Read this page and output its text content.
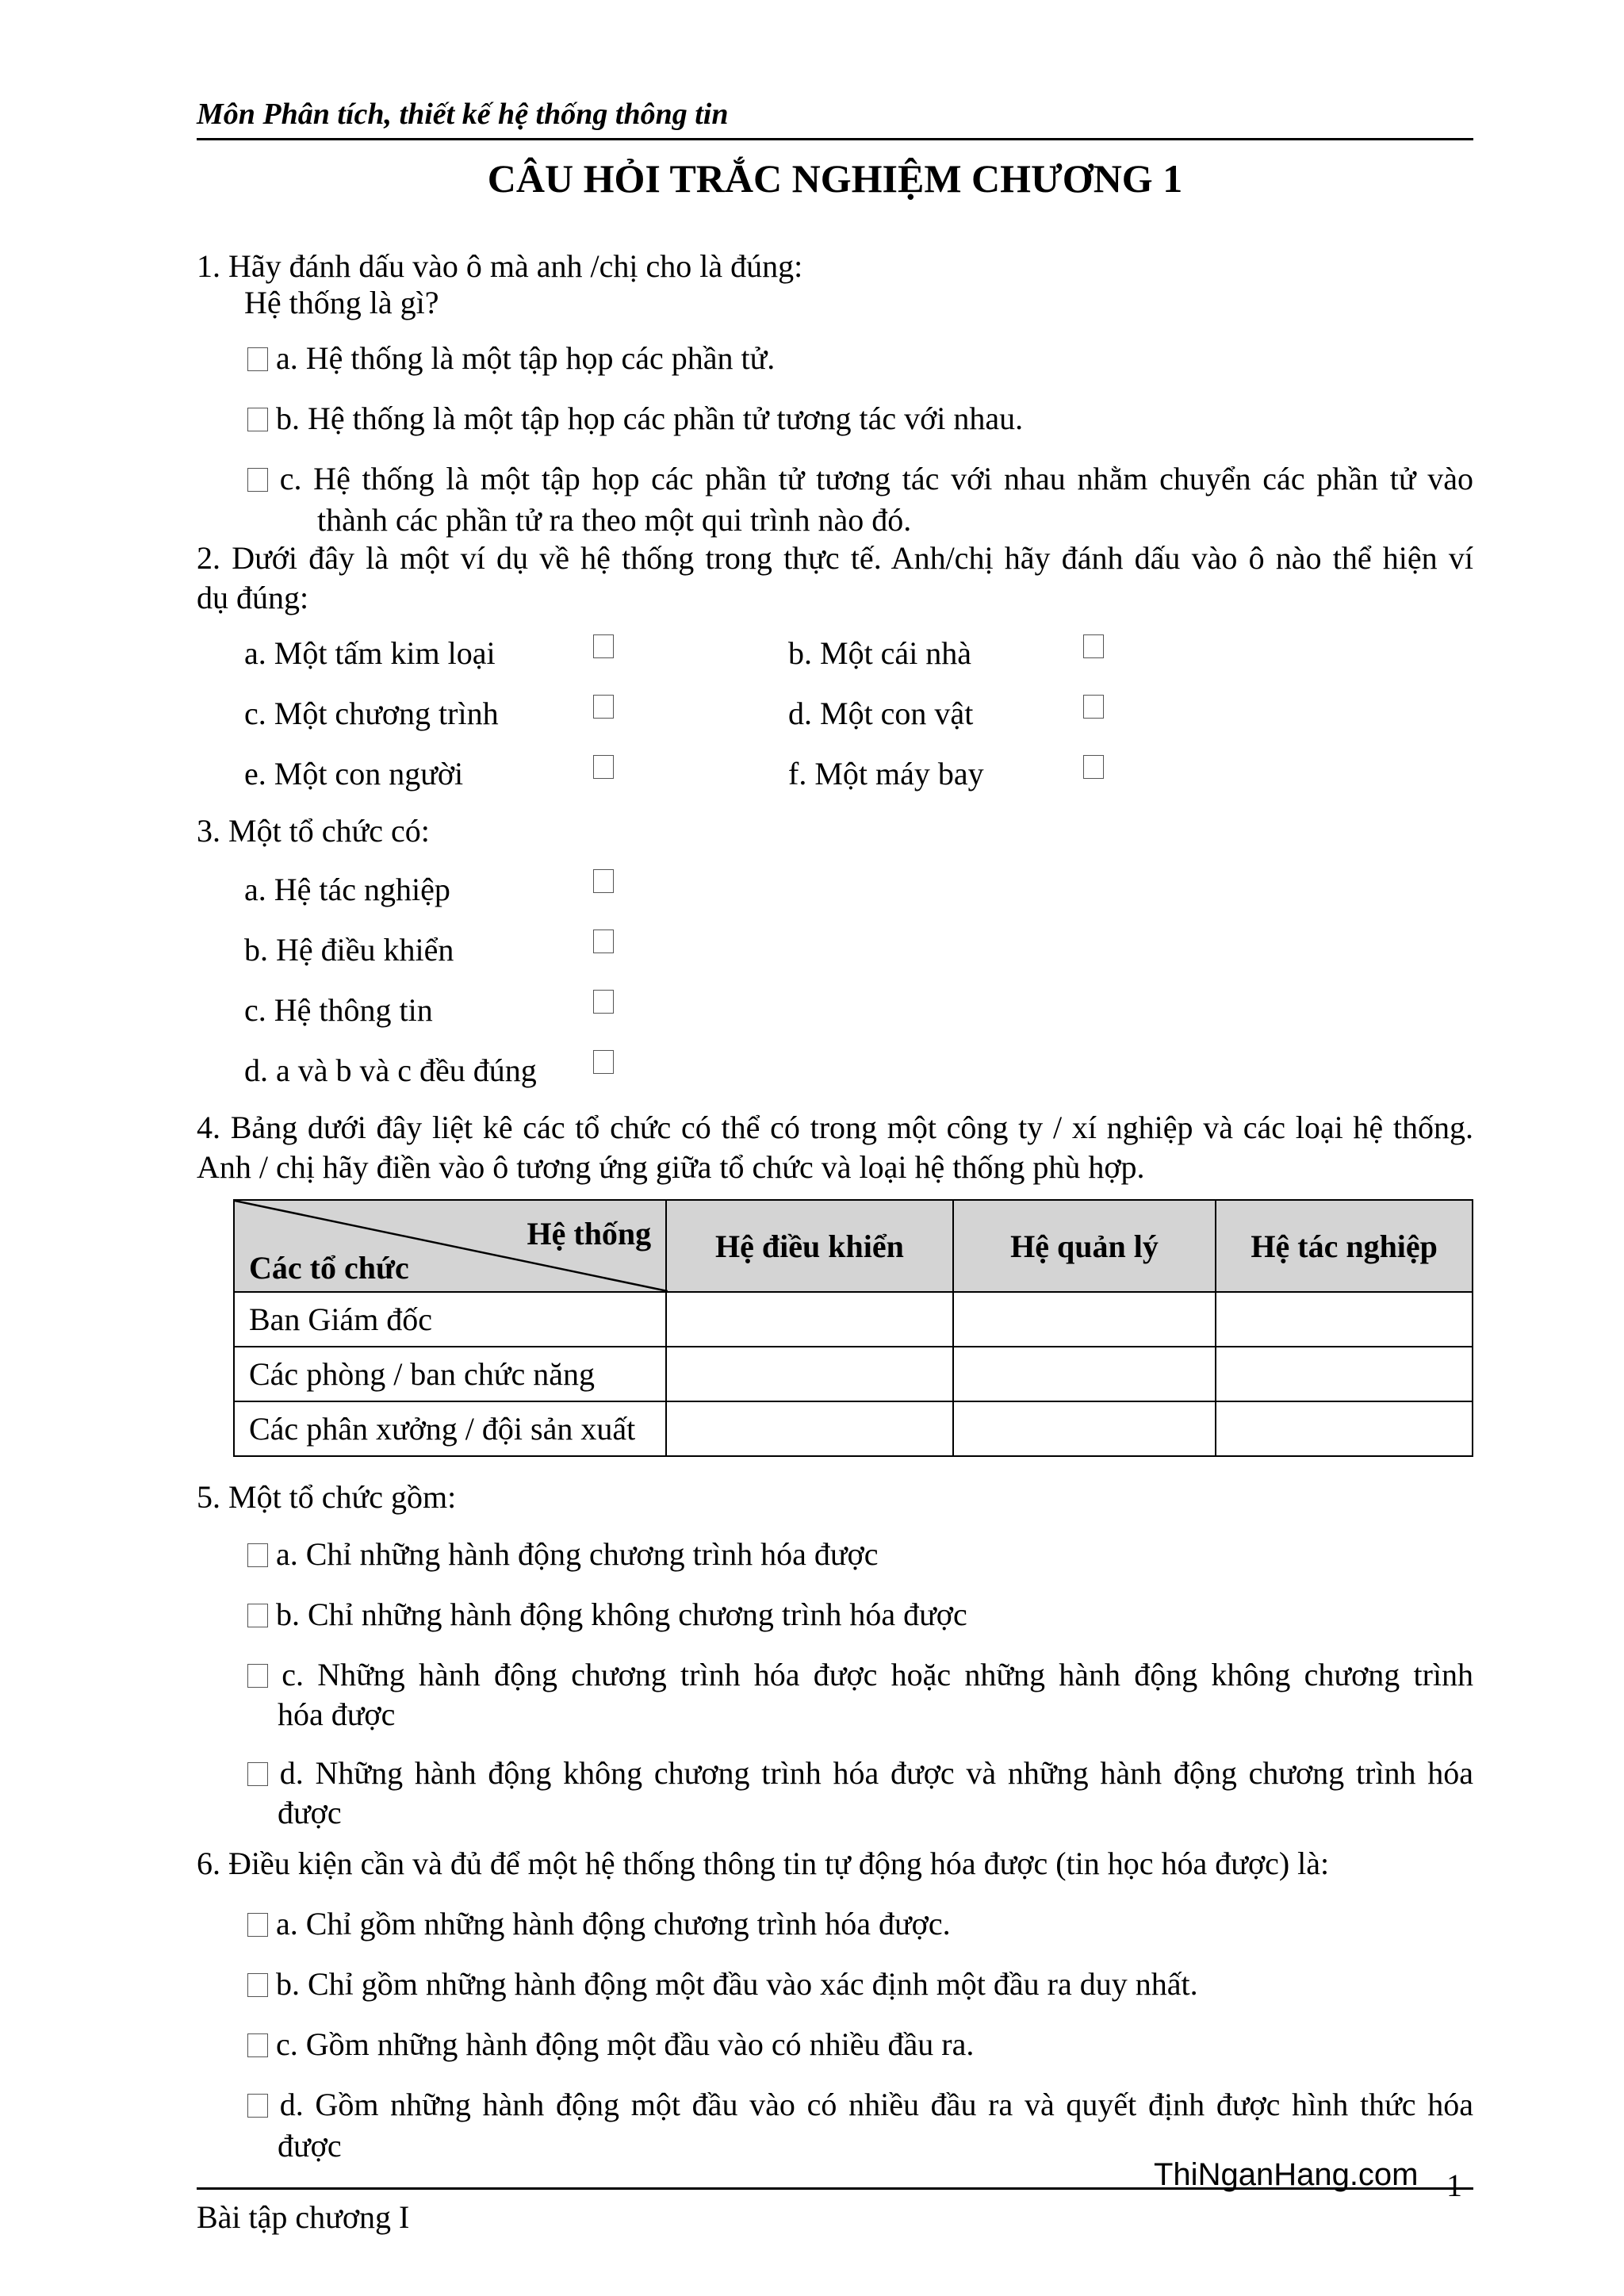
Môn Phân tích, thiết kế hệ thống thông tin
CÂU HỎI TRẮC NGHIỆM CHƯƠNG 1
1. Hãy đánh dấu vào ô mà anh /chị cho là đúng:
Hệ thống là gì?
a. Hệ thống là một tập họp các phần tử.
b. Hệ thống là một tập họp các phần tử tương tác với nhau.
c. Hệ thống là một tập họp các phần tử tương tác với nhau nhằm chuyển các phần tử vào
thành các phần tử ra theo một qui trình nào đó.
2. Dưới đây là một ví dụ về hệ thống trong thực tế. Anh/chị hãy đánh dấu vào ô nào thể hiện ví
dụ đúng:
a. Một tấm kim loại	b. Một cái nhà
c. Một chương trình	d. Một con vật
e. Một con người	f. Một máy bay
3. Một tổ chức có:
a. Hệ tác nghiệp
b. Hệ điều khiển
c. Hệ thông tin
d. a và b và c đều đúng
4. Bảng dưới đây liệt kê các tổ chức có thể có trong một công ty / xí nghiệp và các loại hệ thống.
Anh / chị hãy điền vào ô tương ứng giữa tổ chức và loại hệ thống phù hợp.
Hệ thống
Các tổ chức	Hệ điều khiển	Hệ quản lý	Hệ tác nghiệp
Ban Giám đốc			
Các phòng / ban chức năng			
Các phân xưởng / đội sản xuất			
5. Một tổ chức gồm:
a. Chỉ những hành động chương trình hóa được
b. Chỉ những hành động không chương trình hóa được
c. Những hành động chương trình hóa được hoặc những hành động không chương trình
hóa được
d. Những hành động không chương trình hóa được và những hành động chương trình hóa
được
6. Điều kiện cần và đủ để một hệ thống thông tin tự động hóa được (tin học hóa được) là:
a. Chỉ gồm những hành động chương trình hóa được.
b. Chỉ gồm những hành động một đầu vào xác định một đầu ra duy nhất.
c. Gồm những hành động một đầu vào có nhiều đầu ra.
d. Gồm những hành động một đầu vào có nhiều đầu ra và quyết định được hình thức hóa
được
ThiNganHang.com 1
Bài tập chương I
